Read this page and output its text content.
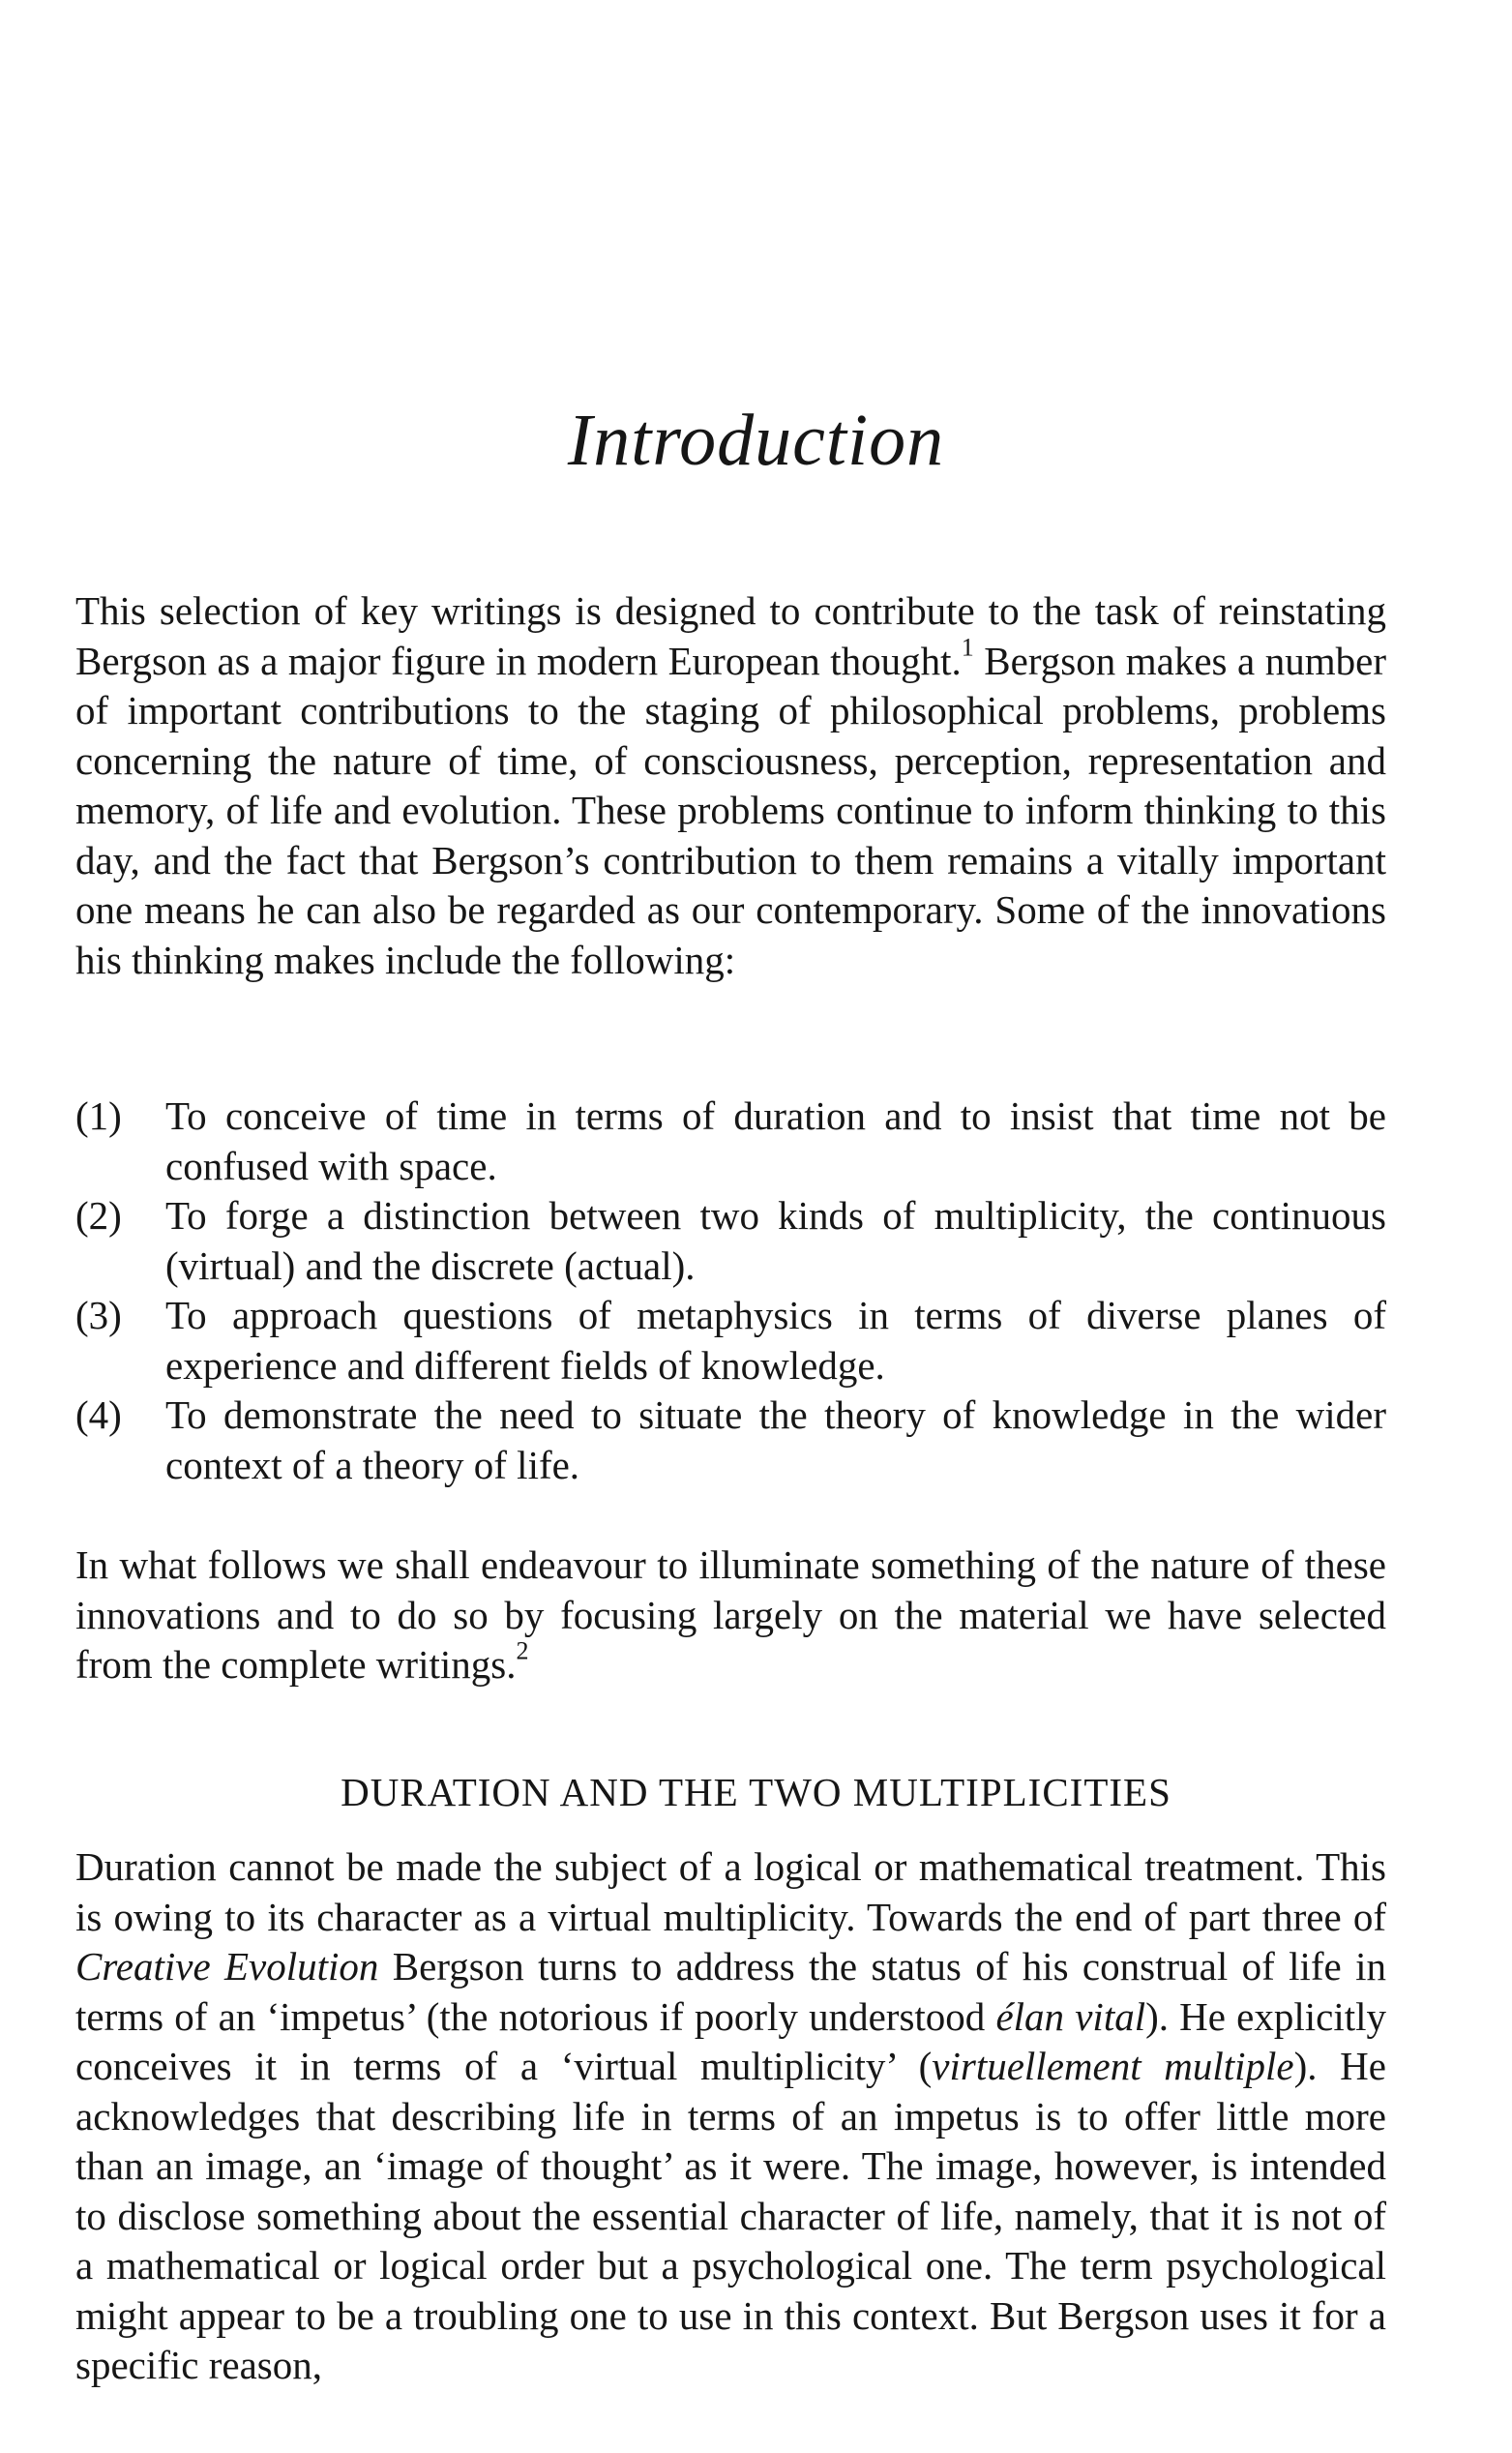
Introduction

This selection of key writings is designed to contribute to the task of reinstating Bergson as a major figure in modern European thought.$^1$ Bergson makes a number of important contributions to the staging of philosophical problems, problems concerning the nature of time, of consciousness, perception, representation and memory, of life and evolution. These problems continue to inform thinking to this day, and the fact that Bergson’s contribution to them remains a vitally important one means he can also be regarded as our contemporary. Some of the innovations his thinking makes include the following:

(1) To conceive of time in terms of duration and to insist that time not be confused with space.
(2) To forge a distinction between two kinds of multiplicity, the continuous (virtual) and the discrete (actual).
(3) To approach questions of metaphysics in terms of diverse planes of experience and different fields of knowledge.
(4) To demonstrate the need to situate the theory of knowledge in the wider context of a theory of life.

In what follows we shall endeavour to illuminate something of the nature of these innovations and to do so by focusing largely on the material we have selected from the complete writings.$^2$

DURATION AND THE TWO MULTIPLICITIES

Duration cannot be made the subject of a logical or mathematical treatment. This is owing to its character as a virtual multiplicity. Towards the end of part three of Creative Evolution Bergson turns to address the status of his construal of life in terms of an ‘impetus’ (the notorious if poorly understood élan vital). He explicitly conceives it in terms of a ‘virtual multiplicity’ (virtuellement multiple). He acknowledges that describing life in terms of an impetus is to offer little more than an image, an ‘image of thought’ as it were. The image, however, is intended to disclose something about the essential character of life, namely, that it is not of a mathematical or logical order but a psychological one. The term psychological might appear to be a troubling one to use in this context. But Bergson uses it for a specific reason,
